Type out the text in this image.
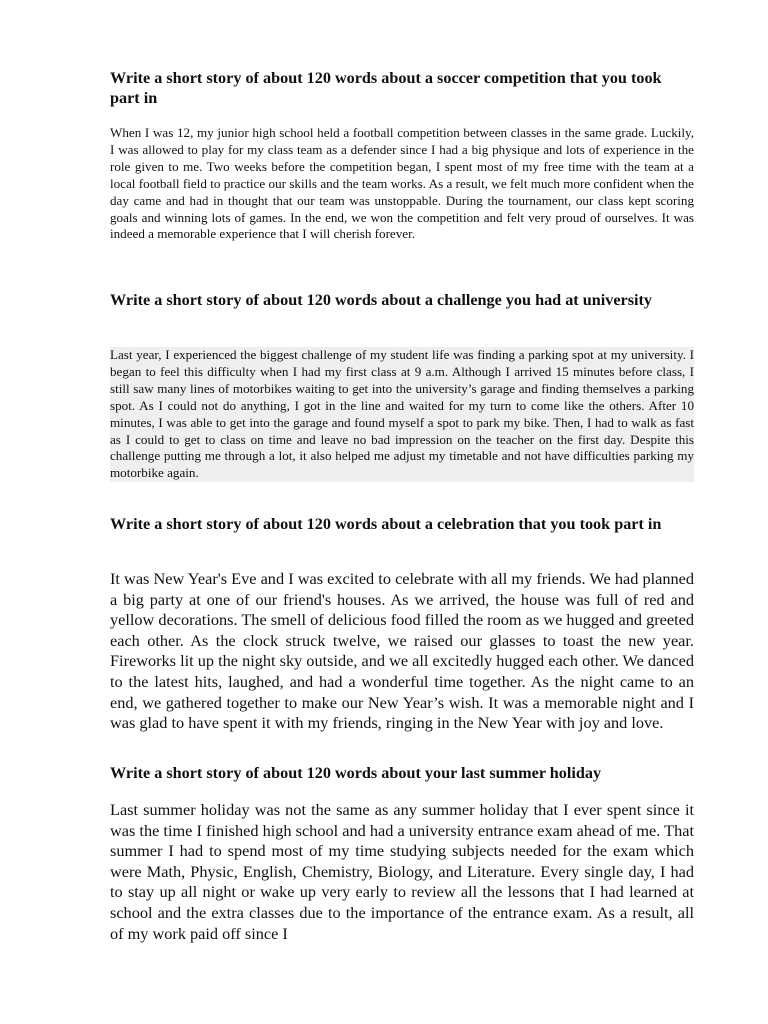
Write a short story of about 120 words about a soccer competition that you took part in

When I was 12, my junior high school held a football competition between classes in the same grade. Luckily, I was allowed to play for my class team as a defender since I had a big physique and lots of experience in the role given to me. Two weeks before the competition began, I spent most of my free time with the team at a local football field to practice our skills and the team works. As a result, we felt much more confident when the day came and had in thought that our team was unstoppable. During the tournament, our class kept scoring goals and winning lots of games. In the end, we won the competition and felt very proud of ourselves. It was indeed a memorable experience that I will cherish forever.

Write a short story of about 120 words about a challenge you had at university

Last year, I experienced the biggest challenge of my student life was finding a parking spot at my university. I began to feel this difficulty when I had my first class at 9 a.m. Although I arrived 15 minutes before class, I still saw many lines of motorbikes waiting to get into the university’s garage and finding themselves a parking spot. As I could not do anything, I got in the line and waited for my turn to come like the others. After 10 minutes, I was able to get into the garage and found myself a spot to park my bike. Then, I had to walk as fast as I could to get to class on time and leave no bad impression on the teacher on the first day. Despite this challenge putting me through a lot, it also helped me adjust my timetable and not have difficulties parking my motorbike again.

Write a short story of about 120 words about a celebration that you took part in

It was New Year's Eve and I was excited to celebrate with all my friends. We had planned a big party at one of our friend's houses. As we arrived, the house was full of red and yellow decorations. The smell of delicious food filled the room as we hugged and greeted each other. As the clock struck twelve, we raised our glasses to toast the new year. Fireworks lit up the night sky outside, and we all excitedly hugged each other. We danced to the latest hits, laughed, and had a wonderful time together. As the night came to an end, we gathered together to make our New Year’s wish. It was a memorable night and I was glad to have spent it with my friends, ringing in the New Year with joy and love.

Write a short story of about 120 words about your last summer holiday

Last summer holiday was not the same as any summer holiday that I ever spent since it was the time I finished high school and had a university entrance exam ahead of me. That summer I had to spend most of my time studying subjects needed for the exam which were Math, Physic, English, Chemistry, Biology, and Literature. Every single day, I had to stay up all night or wake up very early to review all the lessons that I had learned at school and the extra classes due to the importance of the entrance exam. As a result, all of my work paid off since I
